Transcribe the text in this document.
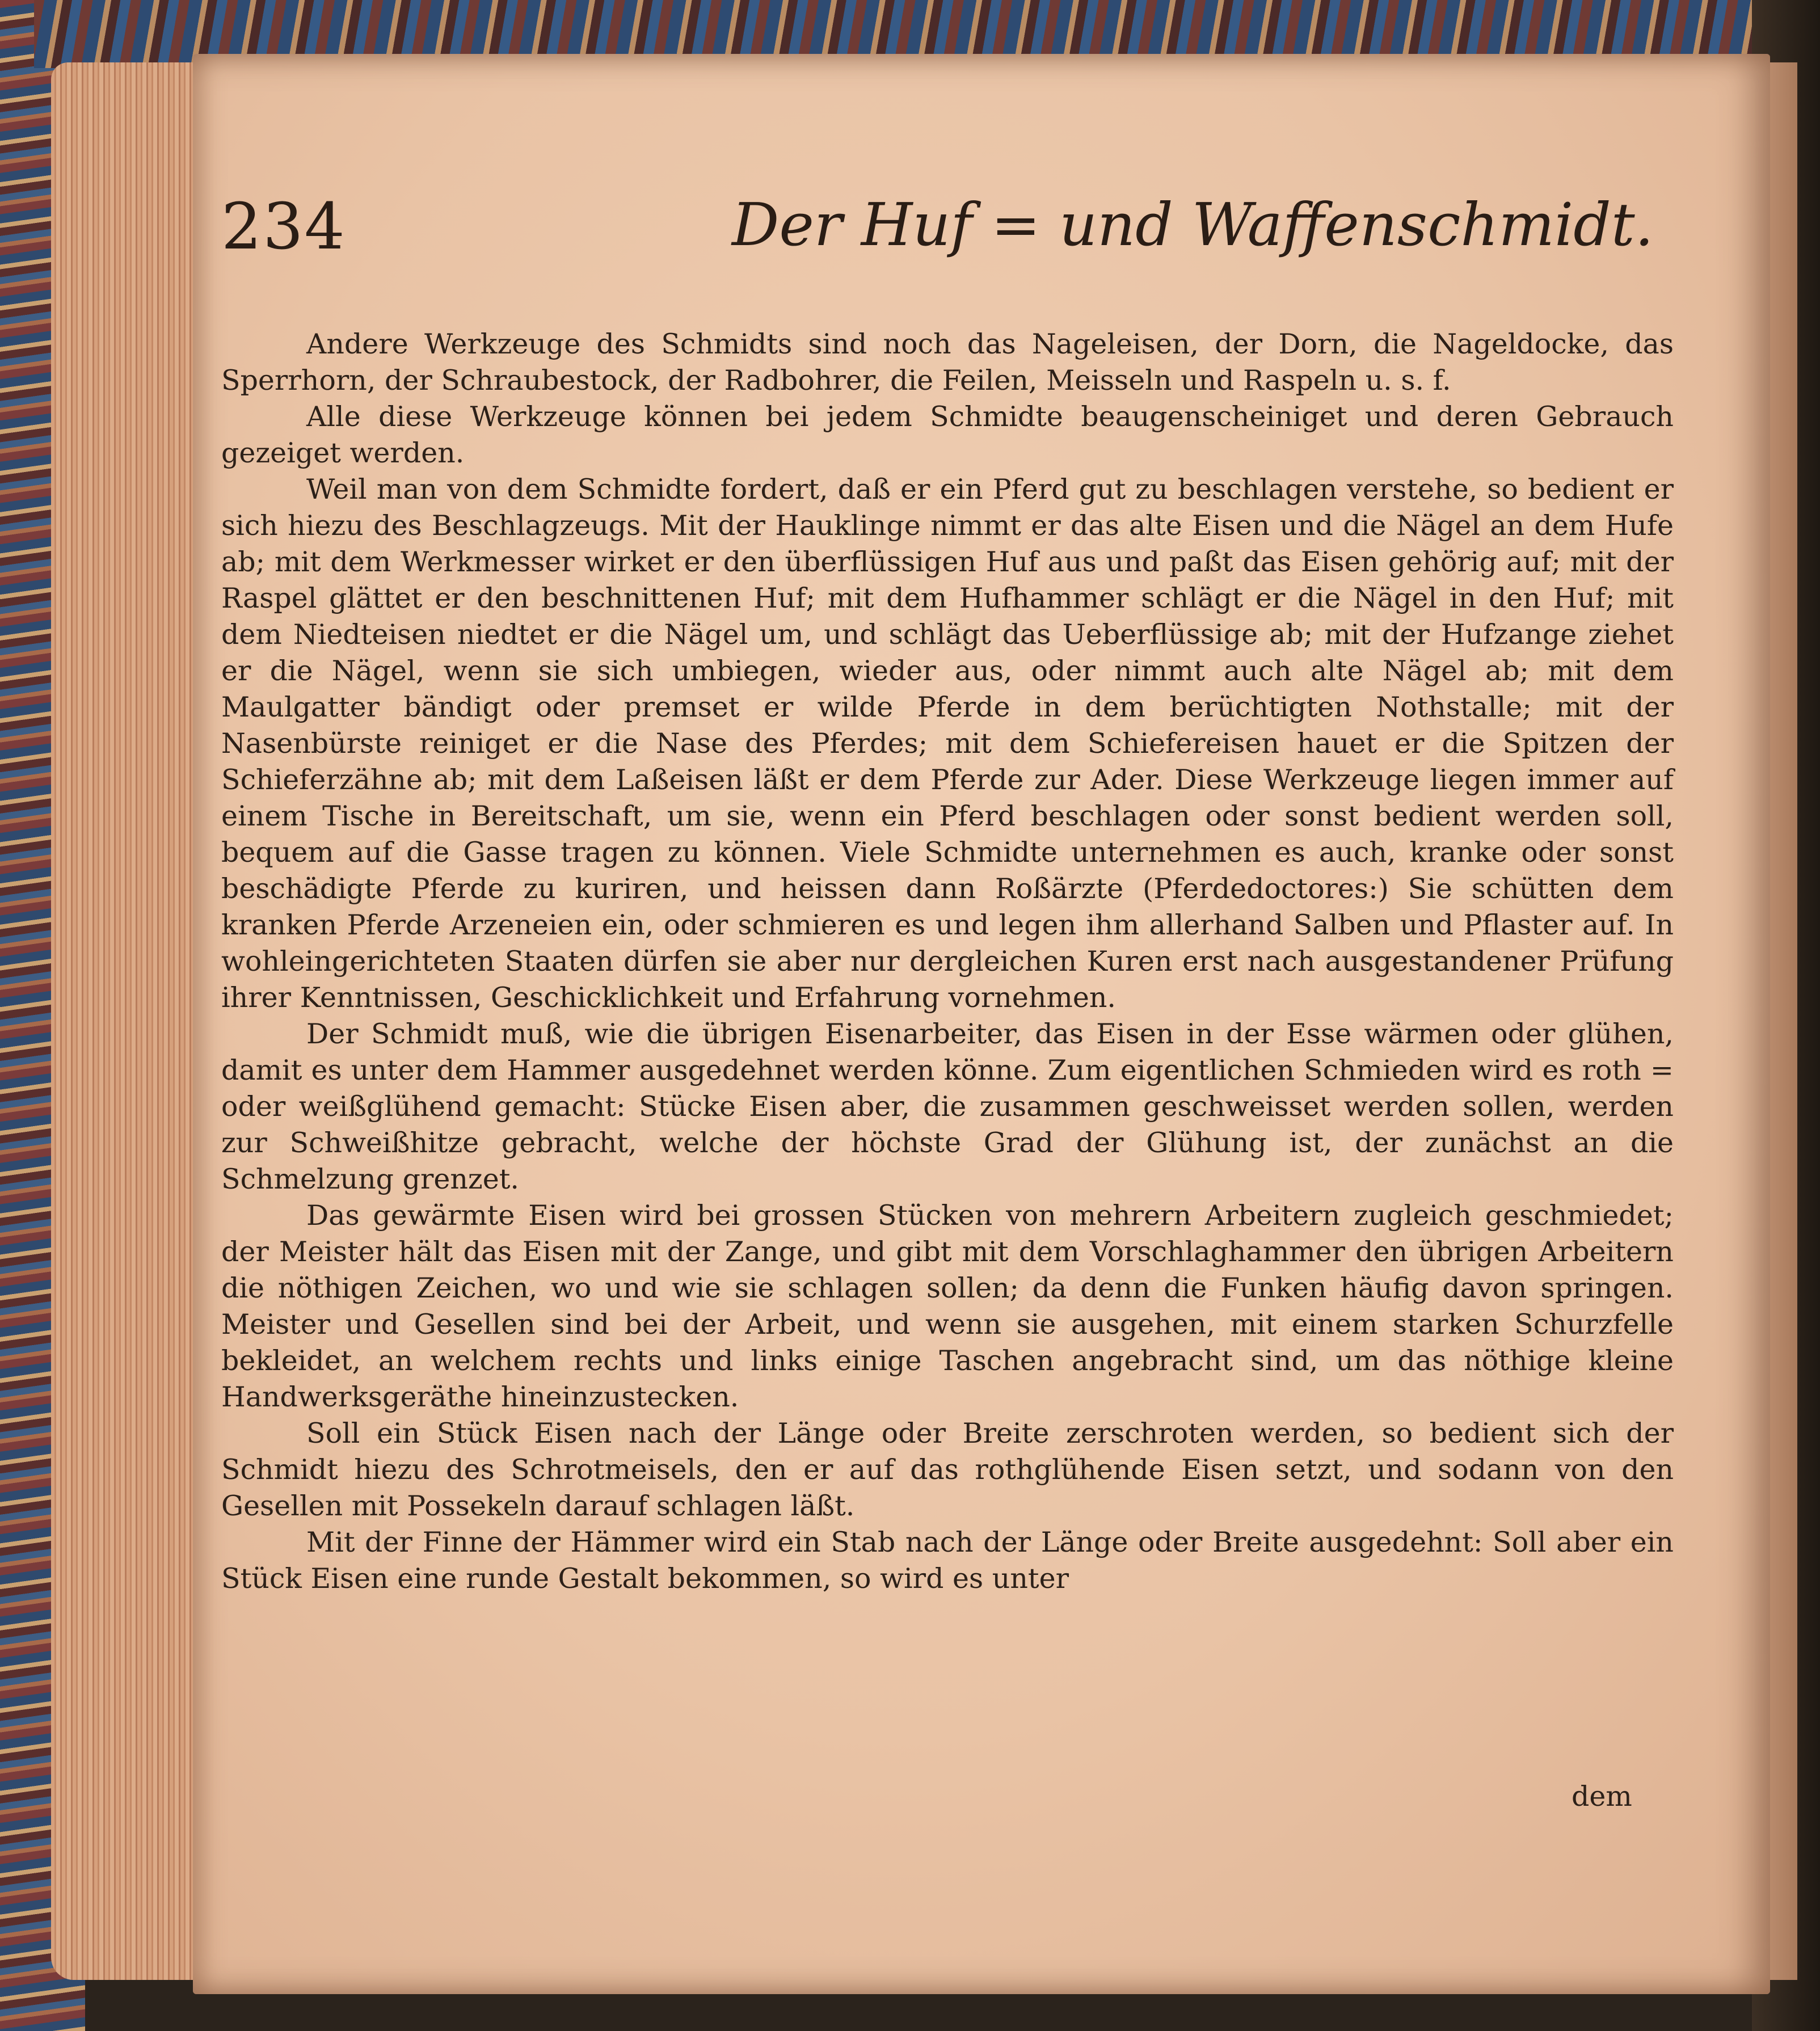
234	Der Huf = und Waffenschmidt.

Andere Werkzeuge des Schmidts sind noch das Nageleisen, der Dorn, die Nageldocke, das Sperrhorn, der Schraubestock, der Radbohrer, die Feilen, Meisseln und Raspeln u. s. f.

Alle diese Werkzeuge können bei jedem Schmidte beaugenscheiniget und deren Gebrauch gezeiget werden.

Weil man von dem Schmidte fordert, daß er ein Pferd gut zu beschlagen verstehe, so bedient er sich hiezu des Beschlagzeugs. Mit der Hauklinge nimmt er das alte Eisen und die Nägel an dem Hufe ab; mit dem Werkmesser wirket er den überflüssigen Huf aus und paßt das Eisen gehörig auf; mit der Raspel glättet er den beschnittenen Huf; mit dem Hufhammer schlägt er die Nägel in den Huf; mit dem Niedteisen niedtet er die Nägel um, und schlägt das Ueberflüssige ab; mit der Hufzange ziehet er die Nägel, wenn sie sich umbiegen, wieder aus, oder nimmt auch alte Nägel ab; mit dem Maulgatter bändigt oder premset er wilde Pferde in dem berüchtigten Nothstalle; mit der Nasenbürste reiniget er die Nase des Pferdes; mit dem Schiefereisen hauet er die Spitzen der Schieferzähne ab; mit dem Laßeisen läßt er dem Pferde zur Ader. Diese Werkzeuge liegen immer auf einem Tische in Bereitschaft, um sie, wenn ein Pferd beschlagen oder sonst bedient werden soll, bequem auf die Gasse tragen zu können. Viele Schmidte unternehmen es auch, kranke oder sonst beschädigte Pferde zu kuriren, und heissen dann Roßärzte (Pferdedoctores:) Sie schütten dem kranken Pferde Arzeneien ein, oder schmieren es und legen ihm allerhand Salben und Pflaster auf. In wohleingerichteten Staaten dürfen sie aber nur dergleichen Kuren erst nach ausgestandener Prüfung ihrer Kenntnissen, Geschicklichkeit und Erfahrung vornehmen.

Der Schmidt muß, wie die übrigen Eisenarbeiter, das Eisen in der Esse wärmen oder glühen, damit es unter dem Hammer ausgedehnet werden könne. Zum eigentlichen Schmieden wird es roth = oder weißglühend gemacht: Stücke Eisen aber, die zusammen geschweisset werden sollen, werden zur Schweißhitze gebracht, welche der höchste Grad der Glühung ist, der zunächst an die Schmelzung grenzet.

Das gewärmte Eisen wird bei grossen Stücken von mehrern Arbeitern zugleich geschmiedet; der Meister hält das Eisen mit der Zange, und gibt mit dem Vorschlaghammer den übrigen Arbeitern die nöthigen Zeichen, wo und wie sie schlagen sollen; da denn die Funken häufig davon springen. Meister und Gesellen sind bei der Arbeit, und wenn sie ausgehen, mit einem starken Schurzfelle bekleidet, an welchem rechts und links einige Taschen angebracht sind, um das nöthige kleine Handwerksgeräthe hineinzustecken.

Soll ein Stück Eisen nach der Länge oder Breite zerschroten werden, so bedient sich der Schmidt hiezu des Schrotmeisels, den er auf das rothglühende Eisen setzt, und sodann von den Gesellen mit Possekeln darauf schlagen läßt.

Mit der Finne der Hämmer wird ein Stab nach der Länge oder Breite ausgedehnt: Soll aber ein Stück Eisen eine runde Gestalt bekommen, so wird es unter

dem
